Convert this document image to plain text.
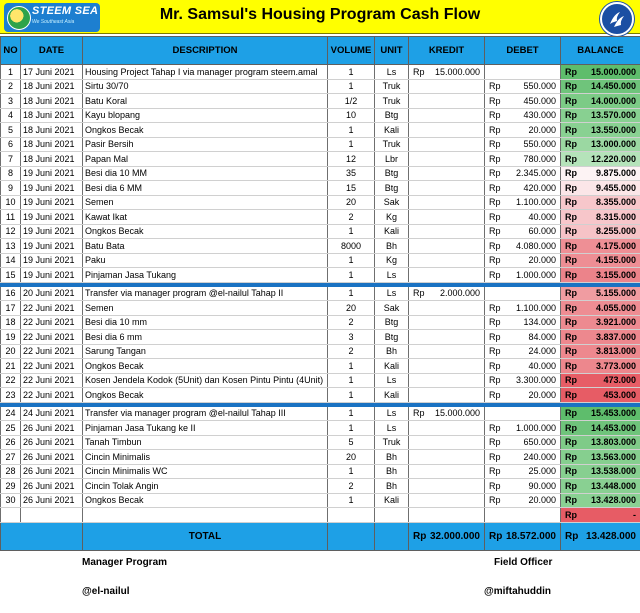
STEEM SEA
We Southeast Asia	Mr. Samsul's Housing Program Cash Flow
NO	DATE	DESCRIPTION	VOLUME	UNIT	KREDIT	DEBET	BALANCE
1	17 Juni 2021	Housing Project Tahap I via manager program steem.amal	1	Ls	Rp 15.000.000		Rp 15.000.000

2	18 Juni 2021	Sirtu 30/70	1	Truk		Rp 550.000	Rp 14.450.000

3	18 Juni 2021	Batu Koral	1/2	Truk		Rp 450.000	Rp 14.000.000

4	18 Juni 2021	Kayu blopang	10	Btg		Rp 430.000	Rp 13.570.000

5	18 Juni 2021	Ongkos Becak	1	Kali		Rp 20.000	Rp 13.550.000

6	18 Juni 2021	Pasir Bersih	1	Truk		Rp 550.000	Rp 13.000.000

7	18 Juni 2021	Papan Mal	12	Lbr		Rp 780.000	Rp 12.220.000

8	19 Juni 2021	Besi dia 10 MM	35	Btg		Rp 2.345.000	Rp 9.875.000

9	19 Juni 2021	Besi dia 6 MM	15	Btg		Rp 420.000	Rp 9.455.000

10	19 Juni 2021	Semen	20	Sak		Rp 1.100.000	Rp 8.355.000

11	19 Juni 2021	Kawat Ikat	2	Kg		Rp 40.000	Rp 8.315.000

12	19 Juni 2021	Ongkos Becak	1	Kali		Rp 60.000	Rp 8.255.000

13	19 Juni 2021	Batu Bata	8000	Bh		Rp 4.080.000	Rp 4.175.000

14	19 Juni 2021	Paku	1	Kg		Rp 20.000	Rp 4.155.000

15	19 Juni 2021	Pinjaman Jasa Tukang	1	Ls		Rp 1.000.000	Rp 3.155.000

16	20 Juni 2021	Transfer via manager program @el-nailul Tahap II	1	Ls	Rp 2.000.000		Rp 5.155.000

17	22 Juni 2021	Semen	20	Sak		Rp 1.100.000	Rp 4.055.000

18	22 Juni 2021	Besi dia 10 mm	2	Btg		Rp 134.000	Rp 3.921.000

19	22 Juni 2021	Besi dia 6 mm	3	Btg		Rp 84.000	Rp 3.837.000

20	22 Juni 2021	Sarung Tangan	2	Bh		Rp 24.000	Rp 3.813.000

21	22 Juni 2021	Ongkos Becak	1	Kali		Rp 40.000	Rp 3.773.000

22	22 Juni 2021	Kosen Jendela Kodok (5Unit) dan Kosen Pintu Pintu (4Unit)	1	Ls		Rp 3.300.000	Rp 473.000

23	22 Juni 2021	Ongkos Becak	1	Kali		Rp 20.000	Rp 453.000

24	24 Juni 2021	Transfer via manager program @el-nailul Tahap III	1	Ls	Rp 15.000.000		Rp 15.453.000

25	26 Juni 2021	Pinjaman Jasa Tukang ke II	1	Ls		Rp 1.000.000	Rp 14.453.000

26	26 Juni 2021	Tanah Timbun	5	Truk		Rp 650.000	Rp 13.803.000

27	26 Juni 2021	Cincin Minimalis	20	Bh		Rp 240.000	Rp 13.563.000

28	26 Juni 2021	Cincin Minimalis WC	1	Bh		Rp 25.000	Rp 13.538.000

29	26 Juni 2021	Cincin Tolak Angin	2	Bh		Rp 90.000	Rp 13.448.000

30	26 Juni 2021	Ongkos Becak	1	Kali		Rp 20.000	Rp 13.428.000

							Rp -

		TOTAL			Rp 32.000.000	Rp 18.572.000	Rp 13.428.000
Manager Program
@el-nailul
Field Officer
@miftahuddin
